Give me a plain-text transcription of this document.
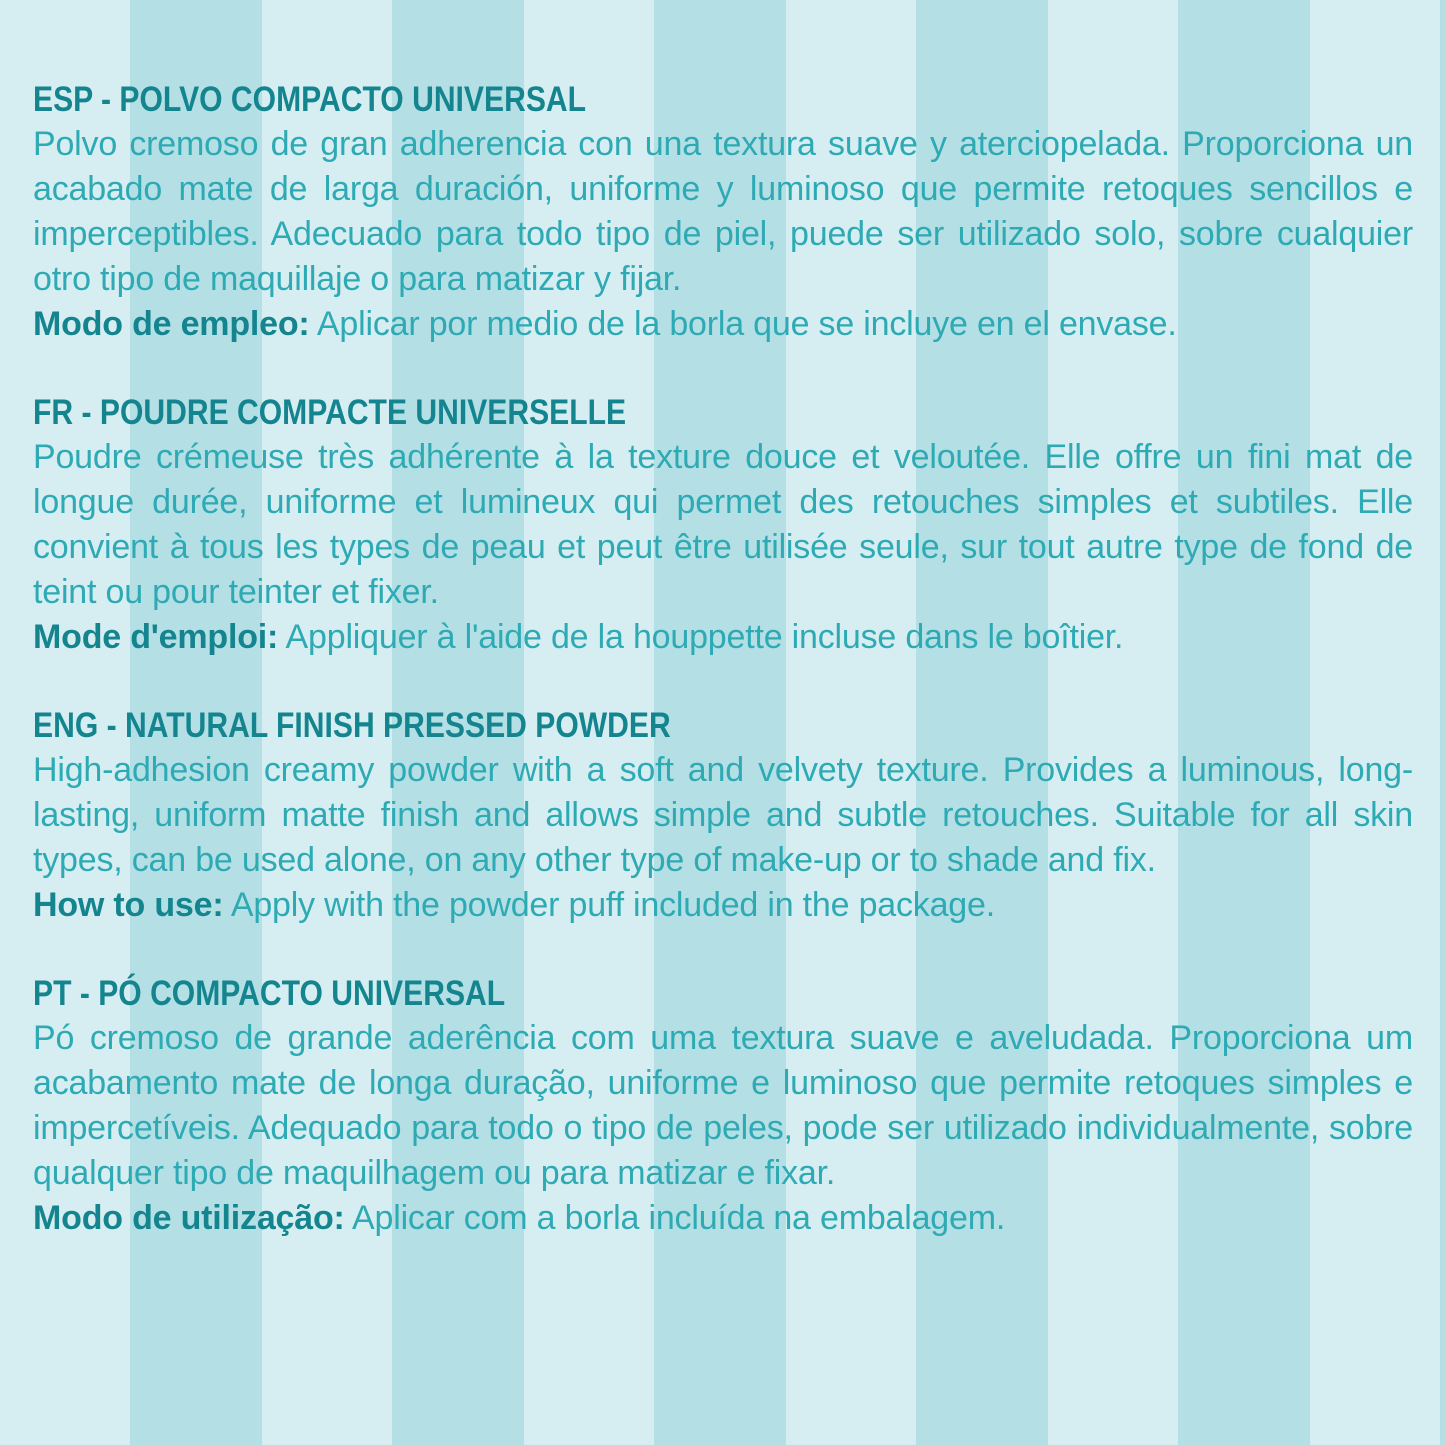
ESP - POLVO COMPACTO UNIVERSAL

Polvo cremoso de gran adherencia con una textura suave y aterciopelada. Proporciona un acabado mate de larga duración, uniforme y luminoso que permite retoques sencillos e imperceptibles. Adecuado para todo tipo de piel, puede ser utilizado solo, sobre cualquier otro tipo de maquillaje o para matizar y fijar.

Modo de empleo: Aplicar por medio de la borla que se incluye en el envase.

FR - POUDRE COMPACTE UNIVERSELLE

Poudre crémeuse très adhérente à la texture douce et veloutée. Elle offre un fini mat de longue durée, uniforme et lumineux qui permet des retouches simples et subtiles. Elle convient à tous les types de peau et peut être utilisée seule, sur tout autre type de fond de teint ou pour teinter et fixer.

Mode d'emploi: Appliquer à l'aide de la houppette incluse dans le boîtier.

ENG - NATURAL FINISH PRESSED POWDER

High-adhesion creamy powder with a soft and velvety texture. Provides a luminous, long-lasting, uniform matte finish and allows simple and subtle retouches. Suitable for all skin types, can be used alone, on any other type of make-up or to shade and fix.

How to use: Apply with the powder puff included in the package.

PT - PÓ COMPACTO UNIVERSAL

Pó cremoso de grande aderência com uma textura suave e aveludada. Proporciona um acabamento mate de longa duração, uniforme e luminoso que permite retoques simples e impercetíveis. Adequado para todo o tipo de peles, pode ser utilizado individualmente, sobre qualquer tipo de maquilhagem ou para matizar e fixar.

Modo de utilização: Aplicar com a borla incluída na embalagem.
